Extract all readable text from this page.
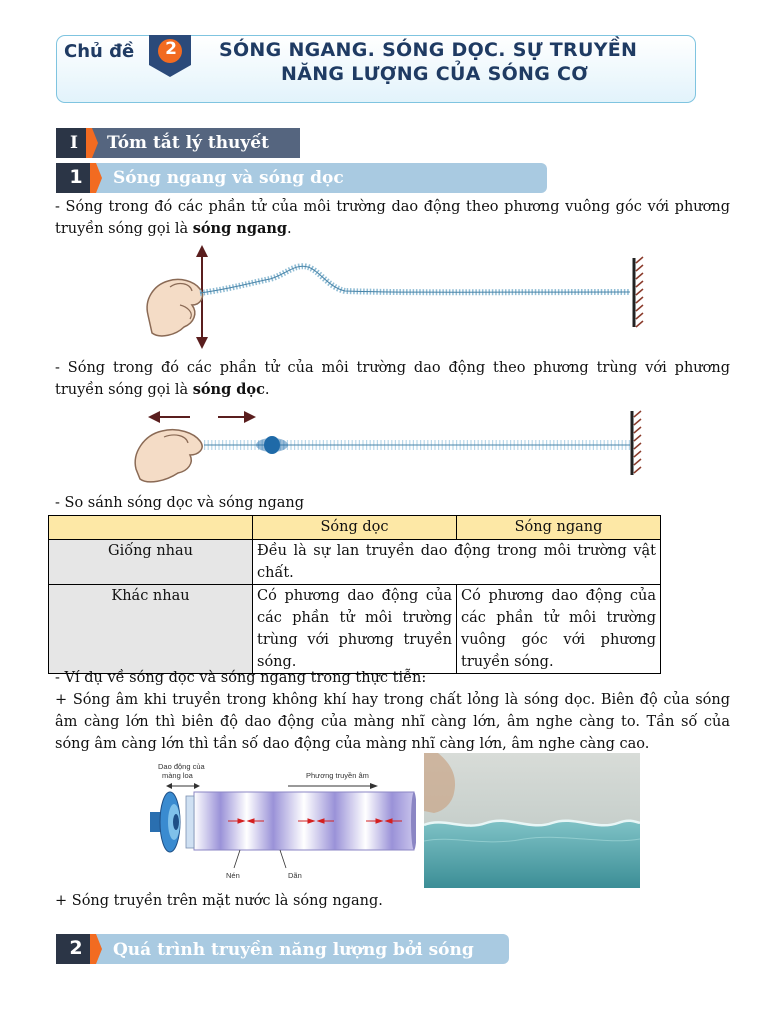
Chủ đề 2 SÓNG NGANG. SÓNG DỌC. SỰ TRUYỀN
NĂNG LƯỢNG CỦA SÓNG CƠ
I	Tóm tắt lý thuyết
1	Sóng ngang và sóng dọc
- Sóng trong đó các phần tử của môi trường dao động theo phương vuông góc với phương truyền sóng gọi là sóng ngang.
- Sóng trong đó các phần tử của môi trường dao động theo phương trùng với phương truyền sóng gọi là sóng dọc.
- So sánh sóng dọc và sóng ngang
	Sóng dọc	Sóng ngang
Giống nhau	Đều là sự lan truyền dao động trong môi trường vật chất.	
Khác nhau	Có phương dao động của các phần tử môi trường trùng với phương truyền sóng.	Có phương dao động của các phần tử môi trường vuông góc với phương truyền sóng.
- Ví dụ về sóng dọc và sóng ngang trong thực tiễn:
+ Sóng âm khi truyền trong không khí hay trong chất lỏng là sóng dọc. Biên độ của sóng âm càng lớn thì biên độ dao động của màng nhĩ càng lớn, âm nghe càng to. Tần số của sóng âm càng lớn thì tần số dao động của màng nhĩ càng lớn, âm nghe càng cao.
Dao động của
màng loa	Phương truyền âm
Nén	Dãn
+ Sóng truyền trên mặt nước là sóng ngang.
2	Quá trình truyền năng lượng bởi sóng
